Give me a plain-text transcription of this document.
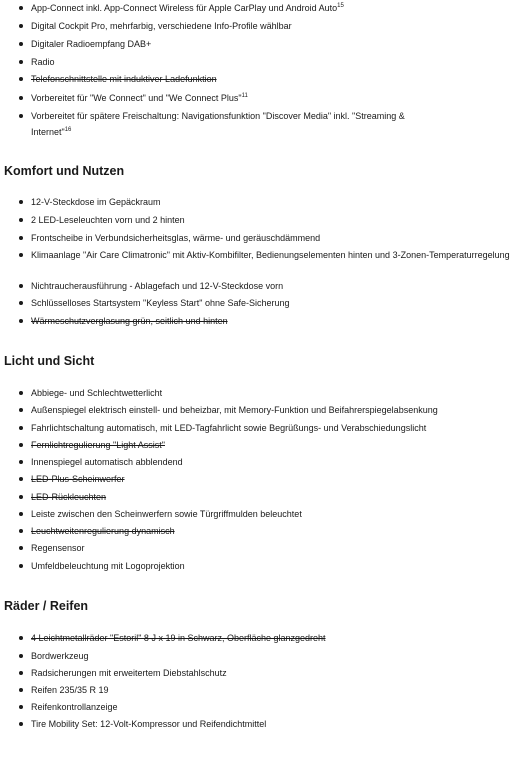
App-Connect inkl. App-Connect Wireless für Apple CarPlay und Android Auto$^{15}$
Digital Cockpit Pro, mehrfarbig, verschiedene Info-Profile wählbar
Digitaler Radioempfang DAB+
Radio
Telefonschnittstelle mit induktiver Ladefunktion
Vorbereitet für "We Connect" und "We Connect Plus"$^{11}$
Vorbereitet für spätere Freischaltung: Navigationsfunktion "Discover Media" inkl. "Streaming & Internet"$^{16}$
Komfort und Nutzen
12-V-Steckdose im Gepäckraum
2 LED-Leseleuchten vorn und 2 hinten
Frontscheibe in Verbundsicherheitsglas, wärme- und geräuschdämmend
Klimaanlage "Air Care Climatronic" mit Aktiv-Kombifilter, Bedienungselementen hinten und 3-Zonen-Temperaturregelung
Nichtraucherausführung - Ablagefach und 12-V-Steckdose vorn
Schlüsselloses Startsystem "Keyless Start" ohne Safe-Sicherung
Wärmeschutzverglasung grün, seitlich und hinten
Licht und Sicht
Abbiege- und Schlechtwetterlicht
Außenspiegel elektrisch einstell- und beheizbar, mit Memory-Funktion und Beifahrerspiegelabsenkung
Fahrlichtschaltung automatisch, mit LED-Tagfahrlicht sowie Begrüßungs- und Verabschiedungslicht
Fernlichtregulierung "Light Assist"
Innenspiegel automatisch abblendend
LED-Plus-Scheinwerfer
LED-Rückleuchten
Leiste zwischen den Scheinwerfern sowie Türgriffmulden beleuchtet
Leuchtweitenregulierung dynamisch
Regensensor
Umfeldbeleuchtung mit Logoprojektion
Räder / Reifen
4 Leichtmetallräder "Estoril" 8 J x 19 in Schwarz, Oberfläche glanzgedreht
Bordwerkzeug
Radsicherungen mit erweitertem Diebstahlschutz
Reifen 235/35 R 19
Reifenkontrollanzeige
Tire Mobility Set: 12-Volt-Kompressor und Reifendichtmittel
